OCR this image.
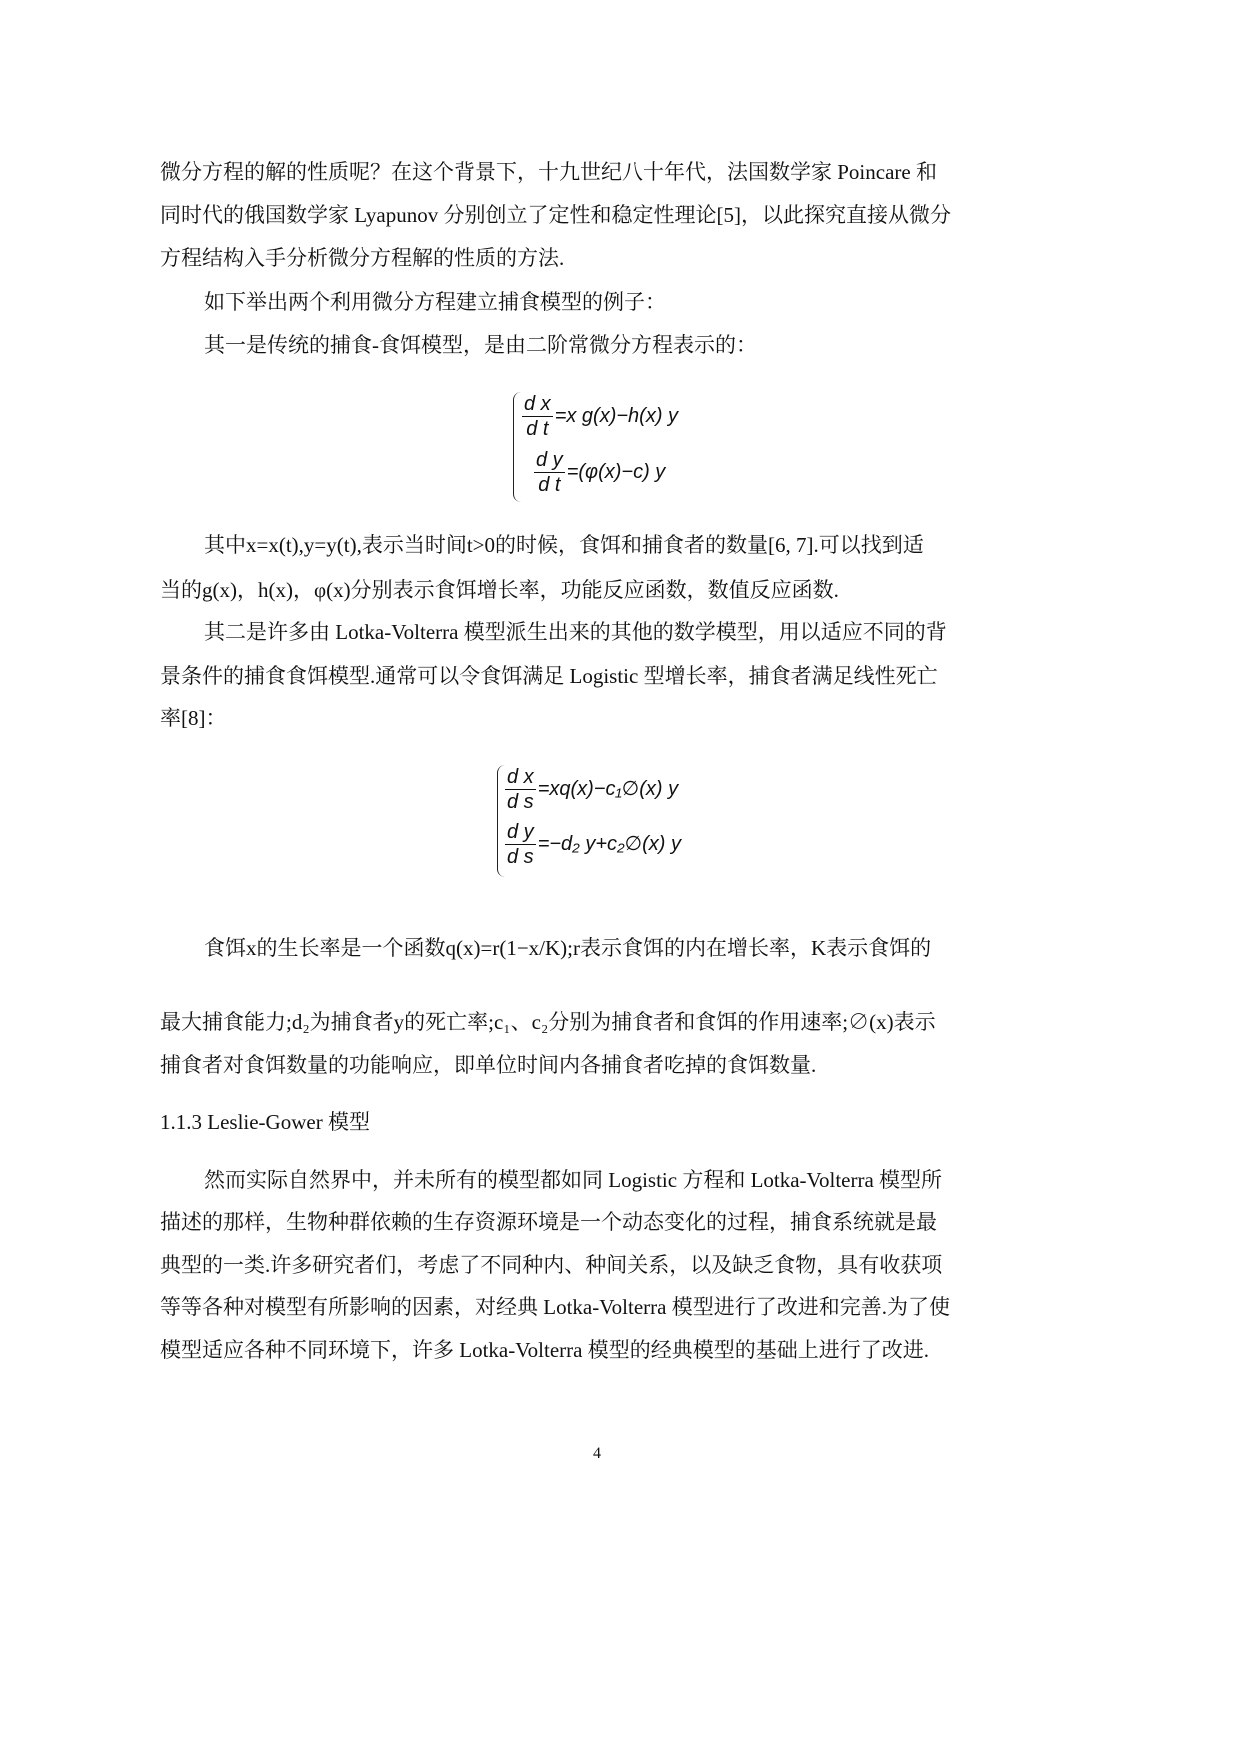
微分方程的解的性质呢？在这个背景下，十九世纪八十年代，法国数学家 Poincare 和
同时代的俄国数学家 Lyapunov 分别创立了定性和稳定性理论[5]，以此探究直接从微分
方程结构入手分析微分方程解的性质的方法.
如下举出两个利用微分方程建立捕食模型的例子：
其一是传统的捕食-食饵模型，是由二阶常微分方程表示的：
$\frac{\text{d x}}{\text{d t}} =x$ g(x)−h(x) y
$\frac{\text{d y}}{\text{d t}} =(\varphi(x)-c)$ y
其中x=x(t),y=y(t),表示当时间t>0的时候，食饵和捕食者的数量[6, 7].可以找到适
当的g(x)，h(x)，φ(x)分别表示食饵增长率，功能反应函数，数值反应函数.
其二是许多由 Lotka-Volterra 模型派生出来的其他的数学模型，用以适应不同的背
景条件的捕食食饵模型.通常可以令食饵满足 Logistic 型增长率，捕食者满足线性死亡
率[8]：
$\frac{\text{d x}}{\text{d s}}$ =xq(x)−c₁∅(x) y
$\frac{\text{d y}}{\text{d s}} =-d_2$ y+c₂∅(x) y
食饵x的生长率是一个函数q(x)=r(1−x/K);r表示食饵的内在增长率，K表示食饵的
最大捕食能力;d₂为捕食者y的死亡率;c₁、c₂分别为捕食者和食饵的作用速率;∅(x)表示
捕食者对食饵数量的功能响应，即单位时间内各捕食者吃掉的食饵数量.
1.1.3 Leslie-Gower 模型
然而实际自然界中，并未所有的模型都如同 Logistic 方程和 Lotka-Volterra 模型所
描述的那样，生物种群依赖的生存资源环境是一个动态变化的过程，捕食系统就是最
典型的一类.许多研究者们，考虑了不同种内、种间关系，以及缺乏食物，具有收获项
等等各种对模型有所影响的因素，对经典 Lotka-Volterra 模型进行了改进和完善.为了使
模型适应各种不同环境下，许多 Lotka-Volterra 模型的经典模型的基础上进行了改进.
4
